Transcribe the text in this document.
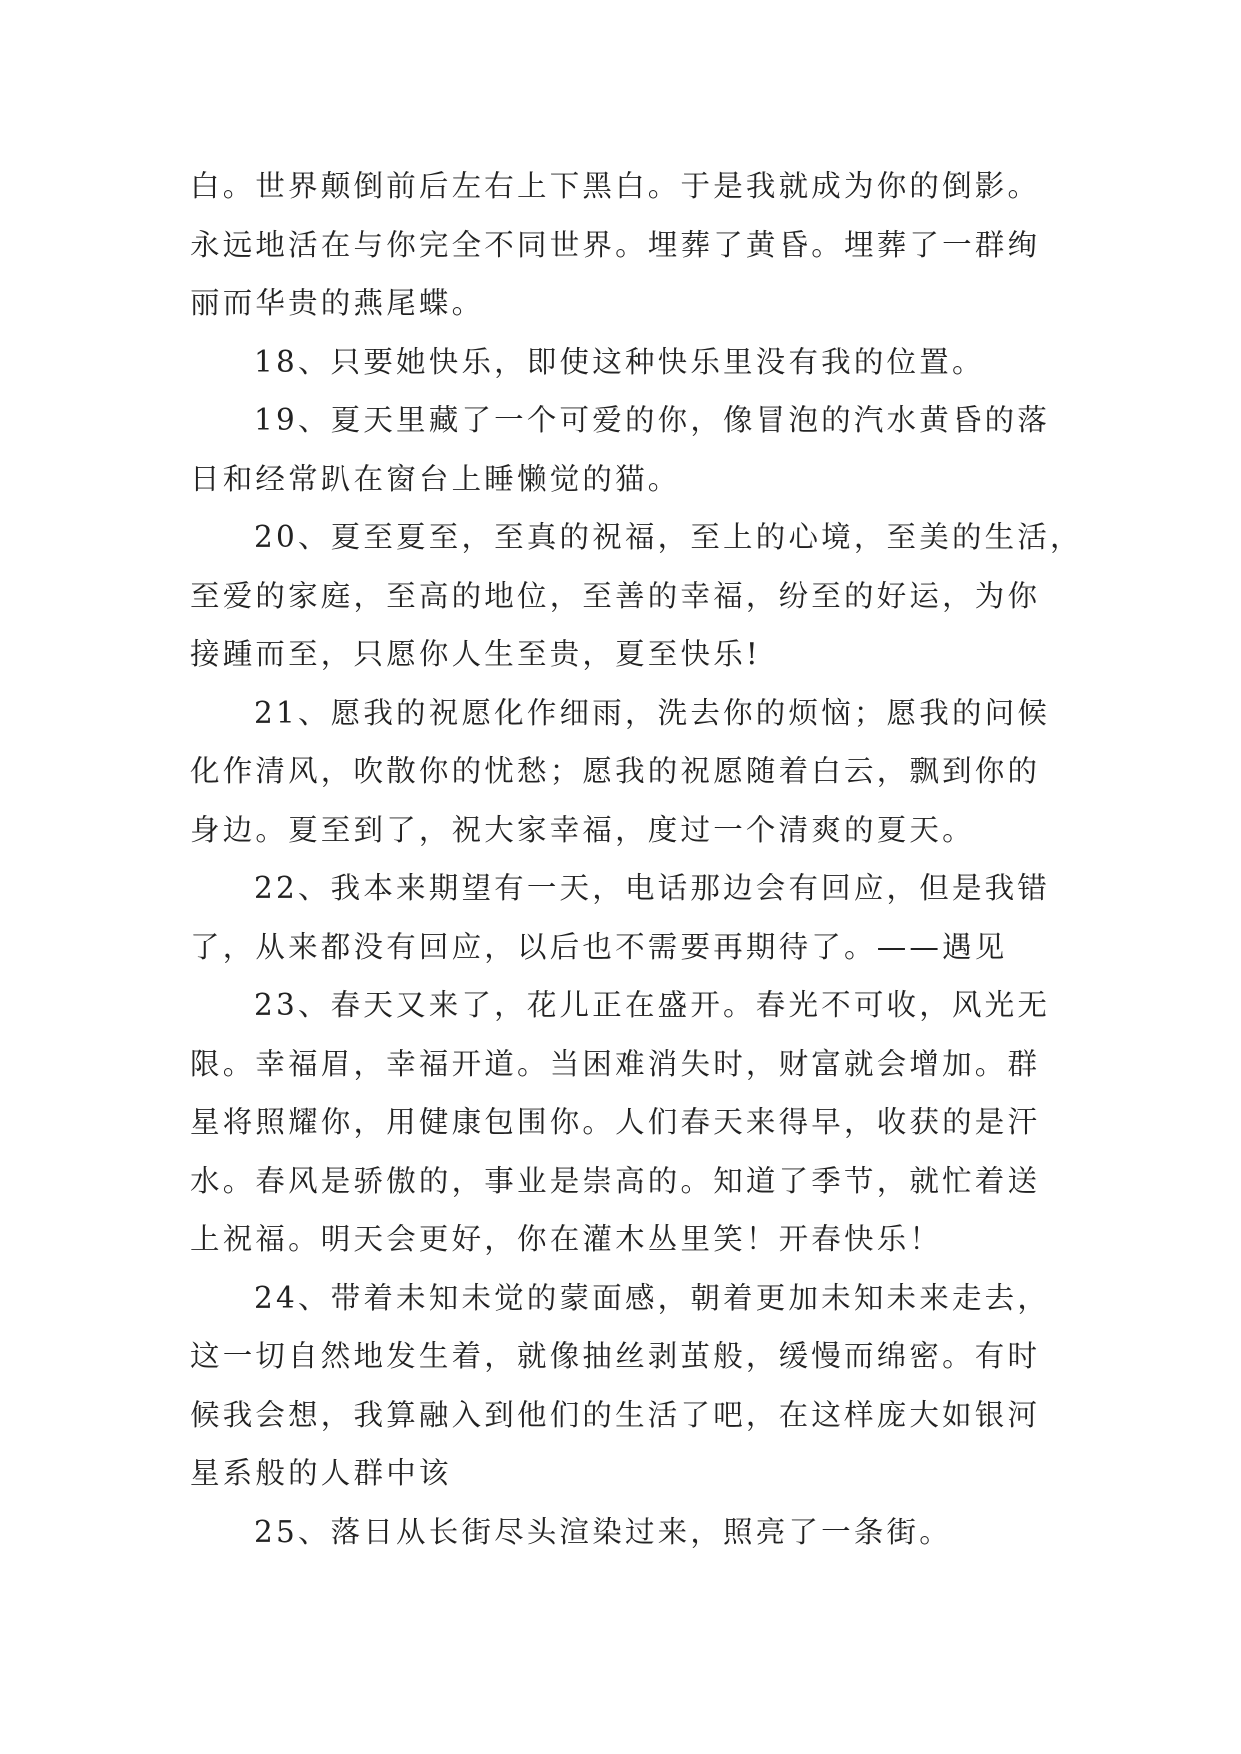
白。世界颠倒前后左右上下黑白。于是我就成为你的倒影。
永远地活在与你完全不同世界。埋葬了黄昏。埋葬了一群绚
丽而华贵的燕尾蝶。
18、只要她快乐，即使这种快乐里没有我的位置。
19、夏天里藏了一个可爱的你，像冒泡的汽水黄昏的落
日和经常趴在窗台上睡懒觉的猫。
20、夏至夏至，至真的祝福，至上的心境，至美的生活，
至爱的家庭，至高的地位，至善的幸福，纷至的好运，为你
接踵而至，只愿你人生至贵，夏至快乐!
21、愿我的祝愿化作细雨，洗去你的烦恼；愿我的问候
化作清风，吹散你的忧愁；愿我的祝愿随着白云，飘到你的
身边。夏至到了，祝大家幸福，度过一个清爽的夏天。
22、我本来期望有一天，电话那边会有回应，但是我错
了，从来都没有回应，以后也不需要再期待了。——遇见
23、春天又来了，花儿正在盛开。春光不可收，风光无
限。幸福眉，幸福开道。当困难消失时，财富就会增加。群
星将照耀你，用健康包围你。人们春天来得早，收获的是汗
水。春风是骄傲的，事业是崇高的。知道了季节，就忙着送
上祝福。明天会更好，你在灌木丛里笑！开春快乐！
24、带着未知未觉的蒙面感，朝着更加未知未来走去，
这一切自然地发生着，就像抽丝剥茧般，缓慢而绵密。有时
候我会想，我算融入到他们的生活了吧，在这样庞大如银河
星系般的人群中该
25、落日从长街尽头渲染过来，照亮了一条街。
